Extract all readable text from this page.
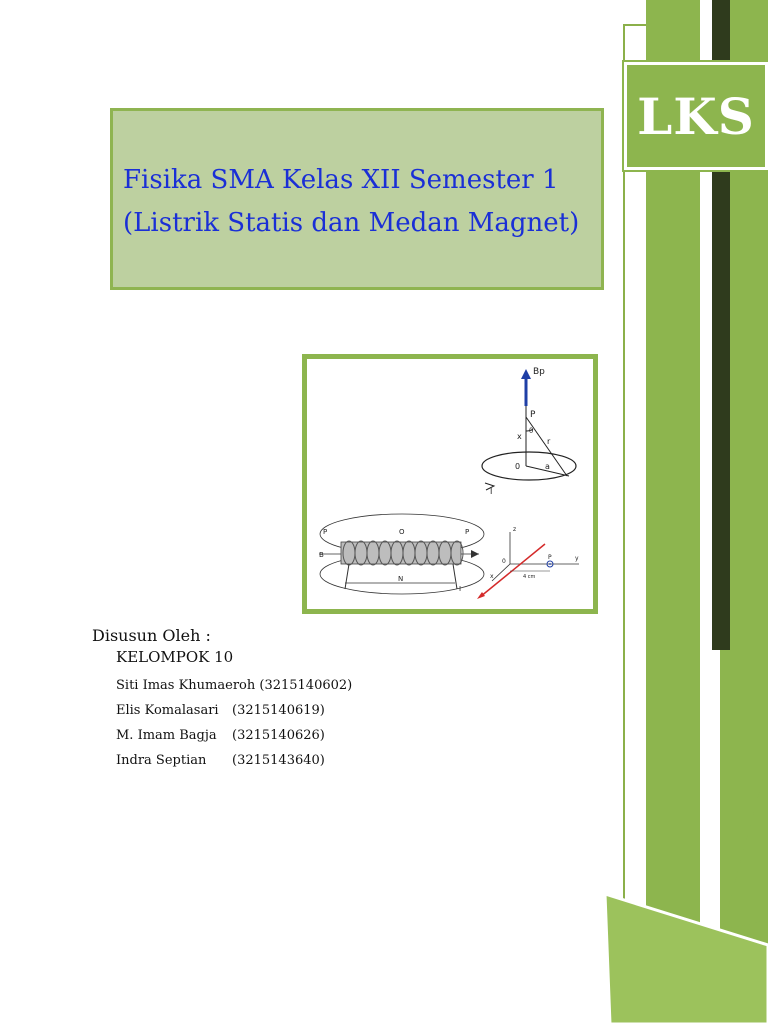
LKS
Fisika SMA Kelas XII Semester 1
(Listrik Statis dan Medan Magnet)
Bp
P
x
θ
r
0	a
I
P	O	P
B
N
I
z
0
P	y
x	4 cm
Disusun Oleh :
KELOMPOK 10
Siti Imas Khumaeroh (3215140602)
Elis Komalasari (3215140619)
M. Imam Bagja (3215140626)
Indra Septian (3215143640)
